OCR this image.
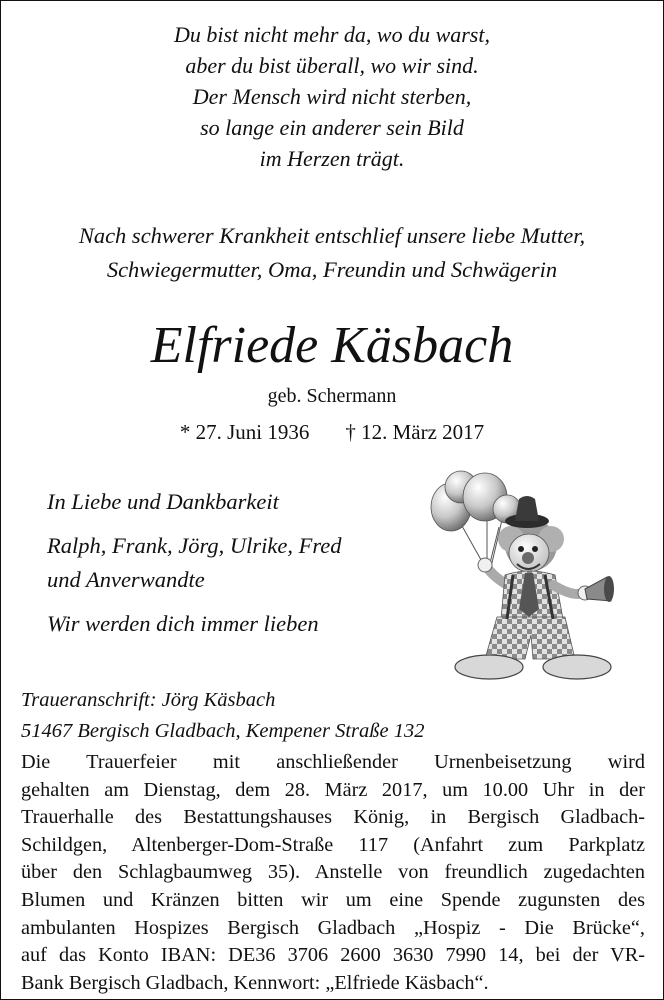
Du bist nicht mehr da, wo du warst,
aber du bist überall, wo wir sind.
Der Mensch wird nicht sterben,
so lange ein anderer sein Bild
im Herzen trägt.
Nach schwerer Krankheit entschlief unsere liebe Mutter,
Schwiegermutter, Oma, Freundin und Schwägerin
Elfriede Käsbach
geb. Schermann
* 27. Juni 1936 † 12. März 2017
In Liebe und Dankbarkeit
Ralph, Frank, Jörg, Ulrike, Fred
und Anverwandte
Wir werden dich immer lieben
Traueranschrift: Jörg Käsbach
51467 Bergisch Gladbach, Kempener Straße 132
Die Trauerfeier mit anschließender Urnenbeisetzung wird
gehalten am Dienstag, dem 28. März 2017, um 10.00 Uhr in der
Trauerhalle des Bestattungshauses König, in Bergisch Gladbach-
Schildgen, Altenberger-Dom-Straße 117 (Anfahrt zum Parkplatz
über den Schlagbaumweg 35). Anstelle von freundlich zugedachten
Blumen und Kränzen bitten wir um eine Spende zugunsten des
ambulanten Hospizes Bergisch Gladbach „Hospiz - Die Brücke“,
auf das Konto IBAN: DE36 3706 2600 3630 7990 14, bei der VR-
Bank Bergisch Gladbach, Kennwort: „Elfriede Käsbach“.
